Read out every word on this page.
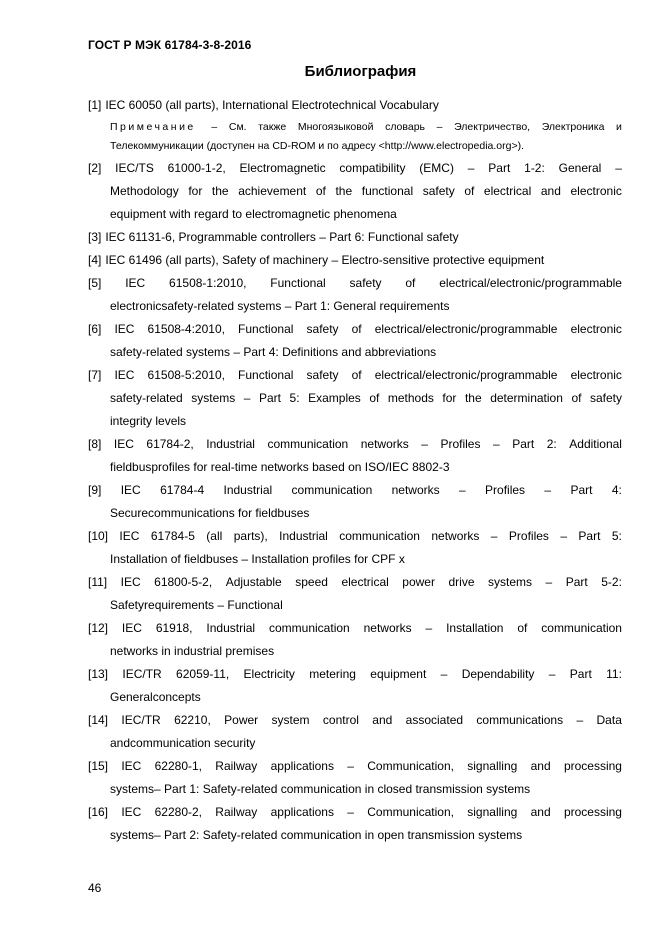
ГОСТ Р МЭК 61784-3-8-2016
Библиография
[1] IEC 60050 (all parts), International Electrotechnical Vocabulary
Примечание – См. также Многоязыковой словарь – Электричество, Электроника и
Телекоммуникации (доступен на CD-ROM и по адресу <http://www.electropedia.org>).
[2] IEC/TS 61000-1-2, Electromagnetic compatibility (EMC) – Part 1-2: General –
Methodology for the achievement of the functional safety of electrical and electronic
equipment with regard to electromagnetic phenomena
[3] IEC 61131-6, Programmable controllers – Part 6: Functional safety
[4] IEC 61496 (all parts), Safety of machinery – Electro-sensitive protective equipment
[5] IEC 61508-1:2010, Functional safety of electrical/electronic/programmable
electronicsafety-related systems – Part 1: General requirements
[6] IEC 61508-4:2010, Functional safety of electrical/electronic/programmable electronic
safety-related systems – Part 4: Definitions and abbreviations
[7] IEC 61508-5:2010, Functional safety of electrical/electronic/programmable electronic
safety-related systems – Part 5: Examples of methods for the determination of safety
integrity levels
[8] IEC 61784-2, Industrial communication networks – Profiles – Part 2: Additional
fieldbusprofiles for real-time networks based on ISO/IEC 8802-3
[9] IEC 61784-4 Industrial communication networks – Profiles – Part 4:
Securecommunications for fieldbuses
[10] IEC 61784-5 (all parts), Industrial communication networks – Profiles – Part 5:
Installation of fieldbuses – Installation profiles for CPF x
[11] IEC 61800-5-2, Adjustable speed electrical power drive systems – Part 5-2:
Safetyrequirements – Functional
[12] IEC 61918, Industrial communication networks – Installation of communication
networks in industrial premises
[13] IEC/TR 62059-11, Electricity metering equipment – Dependability – Part 11:
Generalconcepts
[14] IEC/TR 62210, Power system control and associated communications – Data
andcommunication security
[15] IEC 62280-1, Railway applications – Communication, signalling and processing
systems– Part 1: Safety-related communication in closed transmission systems
[16] IEC 62280-2, Railway applications – Communication, signalling and processing
systems– Part 2: Safety-related communication in open transmission systems
46
